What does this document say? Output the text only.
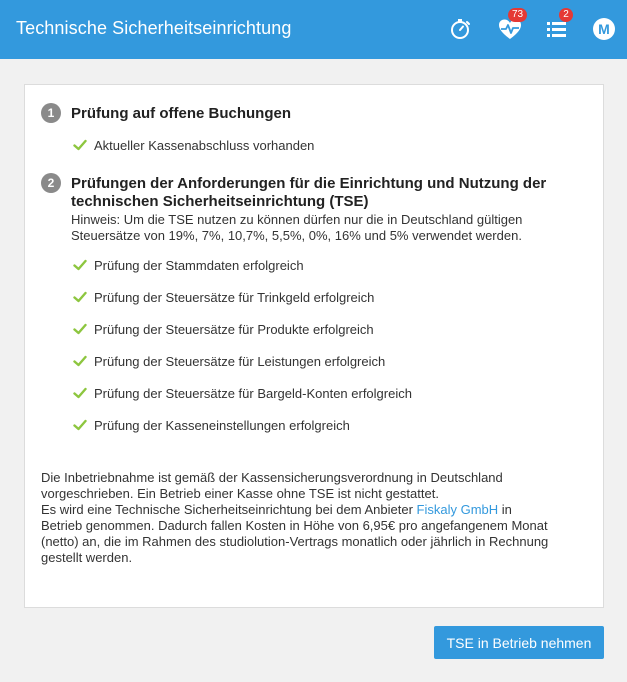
Technische Sicherheitseinrichtung
73	2
M
1	Prüfung auf offene Buchungen
Aktueller Kassenabschluss vorhanden
2	Prüfungen der Anforderungen für die Einrichtung und Nutzung der
technischen Sicherheitseinrichtung (TSE)
Hinweis: Um die TSE nutzen zu können dürfen nur die in Deutschland gültigen
Steuersätze von 19%, 7%, 10,7%, 5,5%, 0%, 16% und 5% verwendet werden.
Prüfung der Stammdaten erfolgreich
Prüfung der Steuersätze für Trinkgeld erfolgreich
Prüfung der Steuersätze für Produkte erfolgreich
Prüfung der Steuersätze für Leistungen erfolgreich
Prüfung der Steuersätze für Bargeld-Konten erfolgreich
Prüfung der Kasseneinstellungen erfolgreich

Die Inbetriebnahme ist gemäß der Kassensicherungsverordnung in Deutschland

vorgeschrieben. Ein Betrieb einer Kasse ohne TSE ist nicht gestattet.

Es wird eine Technische Sicherheitseinrichtung bei dem Anbieter Fiskaly GmbH in

Betrieb genommen. Dadurch fallen Kosten in Höhe von 6,95€ pro angefangenem Monat

(netto) an, die im Rahmen des studiolution-Vertrags monatlich oder jährlich in Rechnung

gestellt werden.

TSE in Betrieb nehmen
